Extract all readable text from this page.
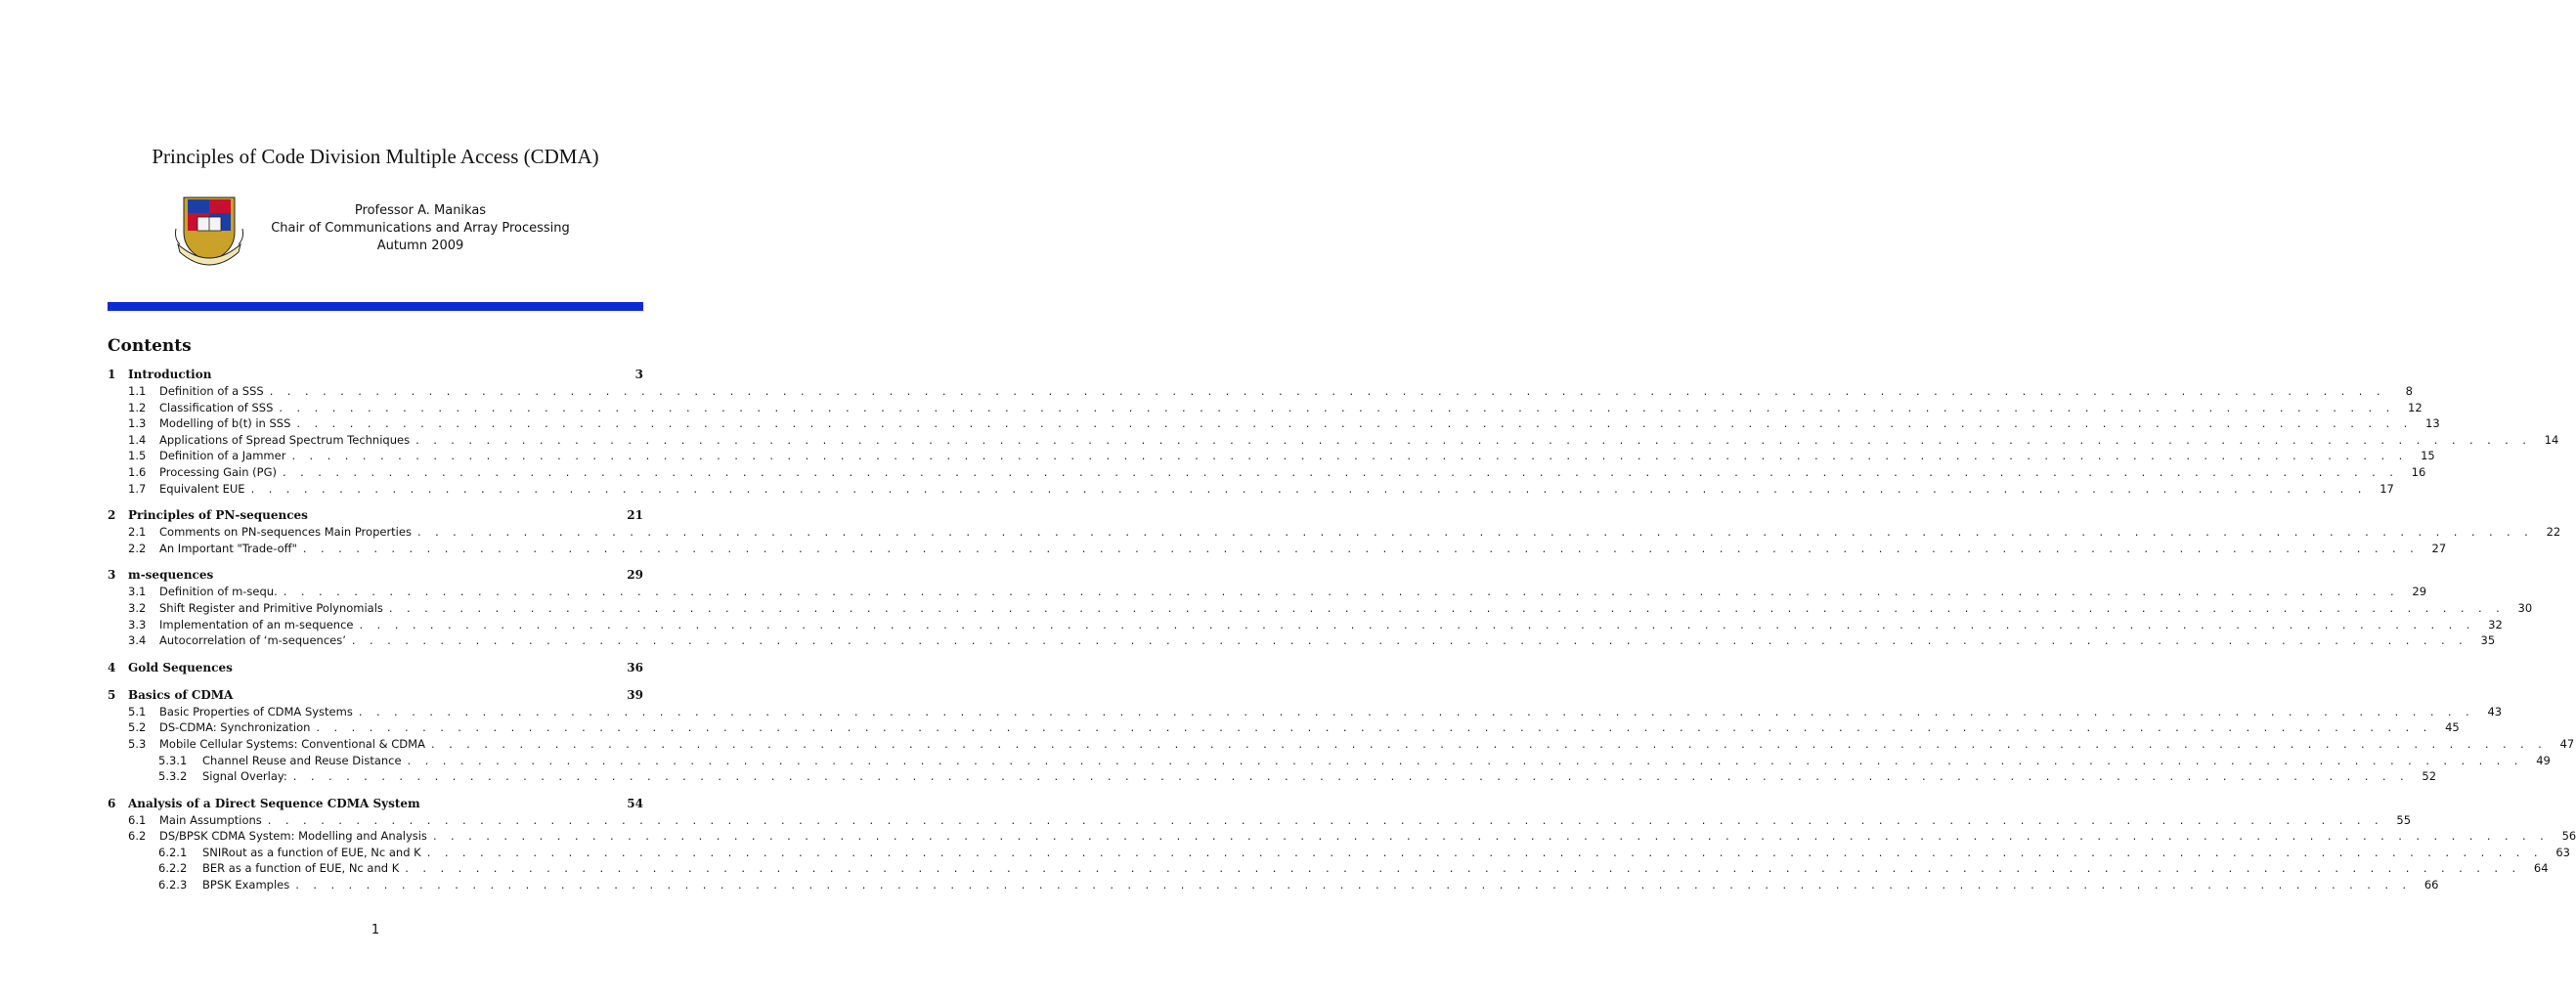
Principles of Code Division Multiple Access (CDMA)
Professor A. Manikas
Chair of Communications and Array Processing
Autumn 2009
Contents
1	Introduction	3
1.1	Definition of a SSS . . . . . . . . . . . . . . . . . . . . . . . . . . . . . . . . . . . . . . . . . . . . . . . . . . . . . . . . . . . . . . . . . . . . . . . . . . . . . . . . . . . . . . . . . . . . . . . . . . . . . . . . . . . . . . . . . . . . . . . .	8
1.2	Classification of SSS . . . . . . . . . . . . . . . . . . . . . . . . . . . . . . . . . . . . . . . . . . . . . . . . . . . . . . . . . . . . . . . . . . . . . . . . . . . . . . . . . . . . . . . . . . . . . . . . . . . . . . . . . . . . . . . . . . . . . . . .	12
1.3	Modelling of b(t) in SSS . . . . . . . . . . . . . . . . . . . . . . . . . . . . . . . . . . . . . . . . . . . . . . . . . . . . . . . . . . . . . . . . . . . . . . . . . . . . . . . . . . . . . . . . . . . . . . . . . . . . . . . . . . . . . . . . . . . . . . . .	13
1.4	Applications of Spread Spectrum Techniques . . . . . . . . . . . . . . . . . . . . . . . . . . . . . . . . . . . . . . . . . . . . . . . . . . . . . . . . . . . . . . . . . . . . . . . . . . . . . . . . . . . . . . . . . . . . . . . . . . . . . . . . . . . . . . . . . . . . . . . .	14
1.5	Definition of a Jammer . . . . . . . . . . . . . . . . . . . . . . . . . . . . . . . . . . . . . . . . . . . . . . . . . . . . . . . . . . . . . . . . . . . . . . . . . . . . . . . . . . . . . . . . . . . . . . . . . . . . . . . . . . . . . . . . . . . . . . . .	15
1.6	Processing Gain (PG) . . . . . . . . . . . . . . . . . . . . . . . . . . . . . . . . . . . . . . . . . . . . . . . . . . . . . . . . . . . . . . . . . . . . . . . . . . . . . . . . . . . . . . . . . . . . . . . . . . . . . . . . . . . . . . . . . . . . . . . .	16
1.7	Equivalent EUE . . . . . . . . . . . . . . . . . . . . . . . . . . . . . . . . . . . . . . . . . . . . . . . . . . . . . . . . . . . . . . . . . . . . . . . . . . . . . . . . . . . . . . . . . . . . . . . . . . . . . . . . . . . . . . . . . . . . . . . .	17
2	Principles of PN-sequences	21
2.1	Comments on PN-sequences Main Properties . . . . . . . . . . . . . . . . . . . . . . . . . . . . . . . . . . . . . . . . . . . . . . . . . . . . . . . . . . . . . . . . . . . . . . . . . . . . . . . . . . . . . . . . . . . . . . . . . . . . . . . . . . . . . . . . . . . . . . . .	22
2.2	An Important "Trade-off" . . . . . . . . . . . . . . . . . . . . . . . . . . . . . . . . . . . . . . . . . . . . . . . . . . . . . . . . . . . . . . . . . . . . . . . . . . . . . . . . . . . . . . . . . . . . . . . . . . . . . . . . . . . . . . . . . . . . . . . .	27
3	m-sequences	29
3.1	Definition of m-sequ. . . . . . . . . . . . . . . . . . . . . . . . . . . . . . . . . . . . . . . . . . . . . . . . . . . . . . . . . . . . . . . . . . . . . . . . . . . . . . . . . . . . . . . . . . . . . . . . . . . . . . . . . . . . . . . . . . . . . . . . .	29
3.2	Shift Register and Primitive Polynomials . . . . . . . . . . . . . . . . . . . . . . . . . . . . . . . . . . . . . . . . . . . . . . . . . . . . . . . . . . . . . . . . . . . . . . . . . . . . . . . . . . . . . . . . . . . . . . . . . . . . . . . . . . . . . . . . . . . . . . . .	30
3.3	Implementation of an m-sequence . . . . . . . . . . . . . . . . . . . . . . . . . . . . . . . . . . . . . . . . . . . . . . . . . . . . . . . . . . . . . . . . . . . . . . . . . . . . . . . . . . . . . . . . . . . . . . . . . . . . . . . . . . . . . . . . . . . . . . . .	32
3.4	Autocorrelation of ‘m-sequences’ . . . . . . . . . . . . . . . . . . . . . . . . . . . . . . . . . . . . . . . . . . . . . . . . . . . . . . . . . . . . . . . . . . . . . . . . . . . . . . . . . . . . . . . . . . . . . . . . . . . . . . . . . . . . . . . . . . . . . . . .	35
4	Gold Sequences	36
5	Basics of CDMA	39
5.1	Basic Properties of CDMA Systems . . . . . . . . . . . . . . . . . . . . . . . . . . . . . . . . . . . . . . . . . . . . . . . . . . . . . . . . . . . . . . . . . . . . . . . . . . . . . . . . . . . . . . . . . . . . . . . . . . . . . . . . . . . . . . . . . . . . . . . .	43
5.2	DS-CDMA: Synchronization . . . . . . . . . . . . . . . . . . . . . . . . . . . . . . . . . . . . . . . . . . . . . . . . . . . . . . . . . . . . . . . . . . . . . . . . . . . . . . . . . . . . . . . . . . . . . . . . . . . . . . . . . . . . . . . . . . . . . . . .	45
5.3	Mobile Cellular Systems: Conventional & CDMA . . . . . . . . . . . . . . . . . . . . . . . . . . . . . . . . . . . . . . . . . . . . . . . . . . . . . . . . . . . . . . . . . . . . . . . . . . . . . . . . . . . . . . . . . . . . . . . . . . . . . . . . . . . . . . . . . . . . . . . .	47
5.3.1	Channel Reuse and Reuse Distance . . . . . . . . . . . . . . . . . . . . . . . . . . . . . . . . . . . . . . . . . . . . . . . . . . . . . . . . . . . . . . . . . . . . . . . . . . . . . . . . . . . . . . . . . . . . . . . . . . . . . . . . . . . . . . . . . . . . . . . .	49
5.3.2	Signal Overlay: . . . . . . . . . . . . . . . . . . . . . . . . . . . . . . . . . . . . . . . . . . . . . . . . . . . . . . . . . . . . . . . . . . . . . . . . . . . . . . . . . . . . . . . . . . . . . . . . . . . . . . . . . . . . . . . . . . . . . . . .	52
6	Analysis of a Direct Sequence CDMA System	54
6.1	Main Assumptions . . . . . . . . . . . . . . . . . . . . . . . . . . . . . . . . . . . . . . . . . . . . . . . . . . . . . . . . . . . . . . . . . . . . . . . . . . . . . . . . . . . . . . . . . . . . . . . . . . . . . . . . . . . . . . . . . . . . . . . .	55
6.2	DS/BPSK CDMA System: Modelling and Analysis . . . . . . . . . . . . . . . . . . . . . . . . . . . . . . . . . . . . . . . . . . . . . . . . . . . . . . . . . . . . . . . . . . . . . . . . . . . . . . . . . . . . . . . . . . . . . . . . . . . . . . . . . . . . . . . . . . . . . . . .	56
6.2.1	SNIRout as a function of EUE, Nc and K . . . . . . . . . . . . . . . . . . . . . . . . . . . . . . . . . . . . . . . . . . . . . . . . . . . . . . . . . . . . . . . . . . . . . . . . . . . . . . . . . . . . . . . . . . . . . . . . . . . . . . . . . . . . . . . . . . . . . . . .	63
6.2.2	BER as a function of EUE, Nc and K . . . . . . . . . . . . . . . . . . . . . . . . . . . . . . . . . . . . . . . . . . . . . . . . . . . . . . . . . . . . . . . . . . . . . . . . . . . . . . . . . . . . . . . . . . . . . . . . . . . . . . . . . . . . . . . . . . . . . . . .	64
6.2.3	BPSK Examples . . . . . . . . . . . . . . . . . . . . . . . . . . . . . . . . . . . . . . . . . . . . . . . . . . . . . . . . . . . . . . . . . . . . . . . . . . . . . . . . . . . . . . . . . . . . . . . . . . . . . . . . . . . . . . . . . . . . . . . .	66
1
